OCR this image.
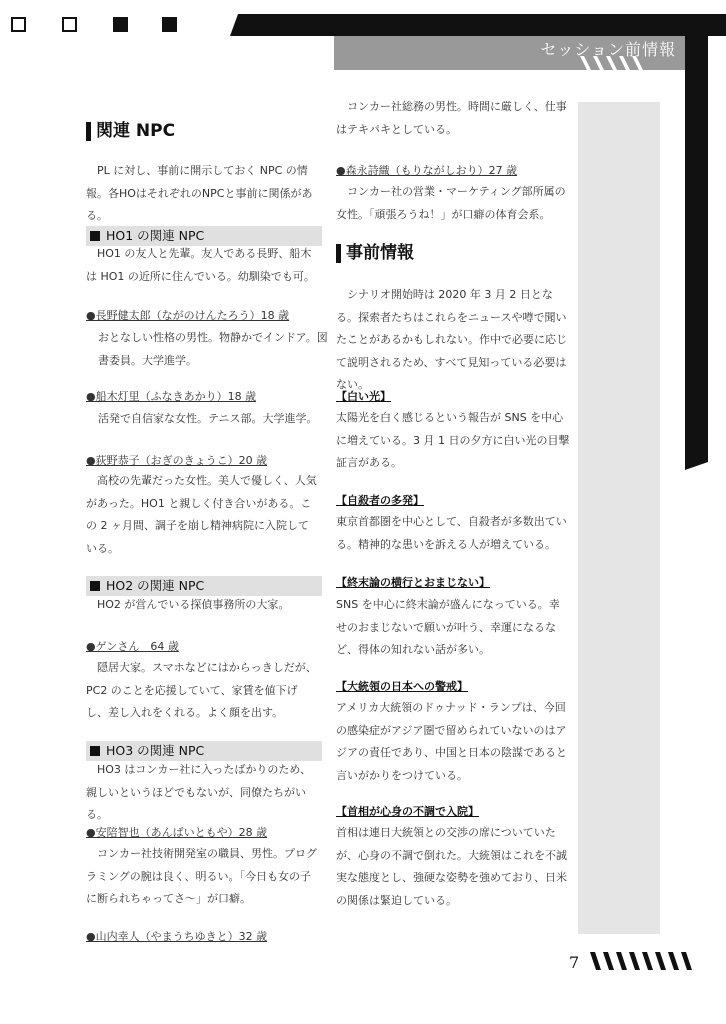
セッション前情報
関連 NPC
PL に対し、事前に開示しておく NPC の情報。各HOはそれぞれのNPCと事前に関係がある。
HO1 の関連 NPC
HO1 の友人と先輩。友人である長野、船木は HO1 の近所に住んでいる。幼馴染でも可。
●長野健太郎（ながのけんたろう）18 歳
おとなしい性格の男性。物静かでインドア。図書委員。大学進学。
●船木灯里（ふなきあかり）18 歳
活発で自信家な女性。テニス部。大学進学。
●荻野恭子（おぎのきょうこ）20 歳
高校の先輩だった女性。美人で優しく、人気があった。HO1 と親しく付き合いがある。この 2 ヶ月間、調子を崩し精神病院に入院している。
HO2 の関連 NPC
HO2 が営んでいる探偵事務所の大家。
●ゲンさん　64 歳
隠居大家。スマホなどにはからっきしだが、PC2 のことを応援していて、家賃を値下げし、差し入れをくれる。よく顔を出す。
HO3 の関連 NPC
HO3 はコンカー社に入ったばかりのため、親しいというほどでもないが、同僚たちがいる。
●安陪智也（あんばいともや）28 歳
コンカー社技術開発室の職員、男性。プログラミングの腕は良く、明るい。「今日も女の子に断られちゃってさ〜」が口癖。
●山内幸人（やまうちゆきと）32 歳
コンカー社総務の男性。時間に厳しく、仕事はテキパキとしている。
●森永詩織（もりながしおり）27 歳
コンカー社の営業・マーケティング部所属の女性。「頑張ろうね！」が口癖の体育会系。
事前情報
シナリオ開始時は 2020 年 3 月 2 日となる。探索者たちはこれらをニュースや噂で聞いたことがあるかもしれない。作中で必要に応じて説明されるため、すべて見知っている必要はない。
【白い光】
太陽光を白く感じるという報告が SNS を中心に増えている。3 月 1 日の夕方に白い光の目撃証言がある。
【自殺者の多発】
東京首都圏を中心として、自殺者が多数出ている。精神的な患いを訴える人が増えている。
【終末論の横行とおまじない】
SNS を中心に終末論が盛んになっている。幸せのおまじないで願いが叶う、幸運になるなど、得体の知れない話が多い。
【大統領の日本への警戒】
アメリカ大統領のドゥナッド・ランプは、今回の感染症がアジア圏で留められていないのはアジアの責任であり、中国と日本の陰謀であると言いがかりをつけている。
【首相が心身の不調で入院】
首相は連日大統領との交渉の席についていたが、心身の不調で倒れた。大統領はこれを不誠実な態度とし、強硬な姿勢を強めており、日米の関係は緊迫している。
7
